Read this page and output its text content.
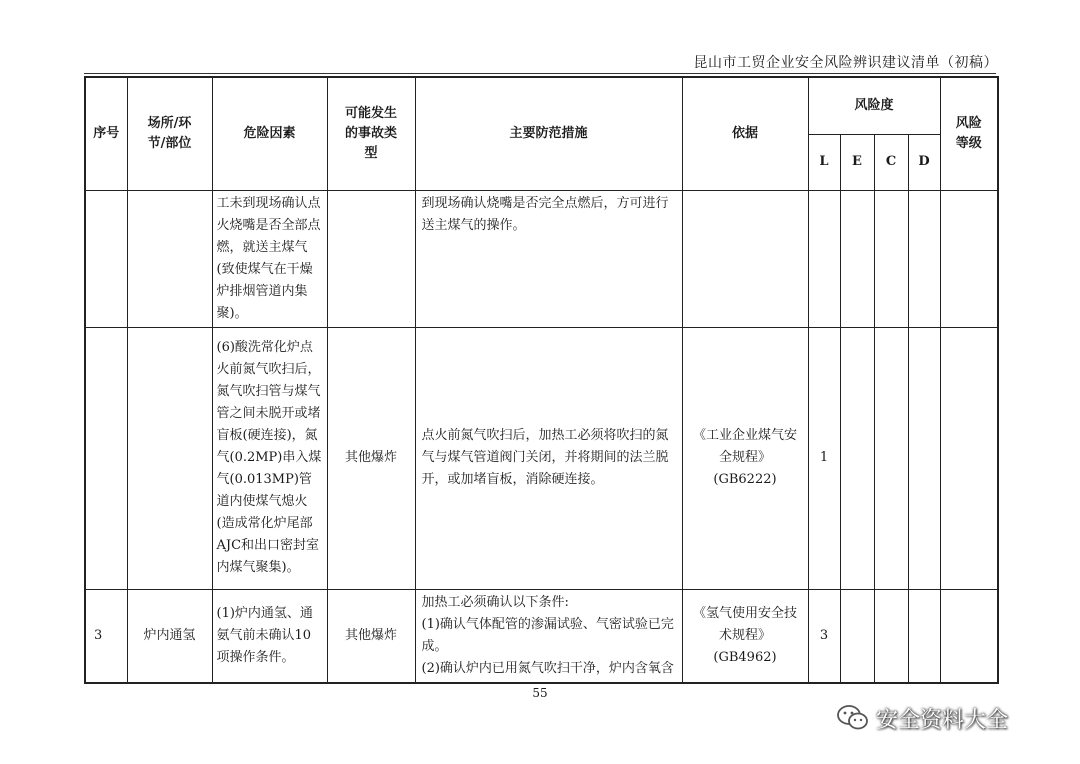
昆山市工贸企业安全风险辨识建议清单（初稿）
序号	场所/环节/部位	危险因素	可能发生的事故类型	主要防范措施	依据	风险度				风险等级

						L	E	C	D	
		工未到现场确认点火烧嘴是否全部点燃，就送主煤气(致使煤气在干燥炉排烟管道内集聚)。		到现场确认烧嘴是否完全点燃后，方可进行送主煤气的操作。						
		(6)酸洗常化炉点火前氮气吹扫后，氮气吹扫管与煤气管之间未脱开或堵盲板(硬连接)，氮气(0.2MP)串入煤气(0.013MP)管道内使煤气熄火(造成常化炉尾部AJC和出口密封室内煤气聚集)。	其他爆炸	点火前氮气吹扫后，加热工必须将吹扫的氮气与煤气管道阀门关闭，并将期间的法兰脱开，或加堵盲板，消除硬连接。	《工业企业煤气安全规程》(GB6222)	1				
3	炉内通氢	(1)炉内通氢、通氨气前未确认10项操作条件。	其他爆炸	加热工必须确认以下条件:
(1)确认气体配管的渗漏试验、气密试验已完成。
(2)确认炉内已用氮气吹扫干净，炉内含氧含	《氢气使用安全技术规程》(GB4962)	3				
55
安全资料大全
